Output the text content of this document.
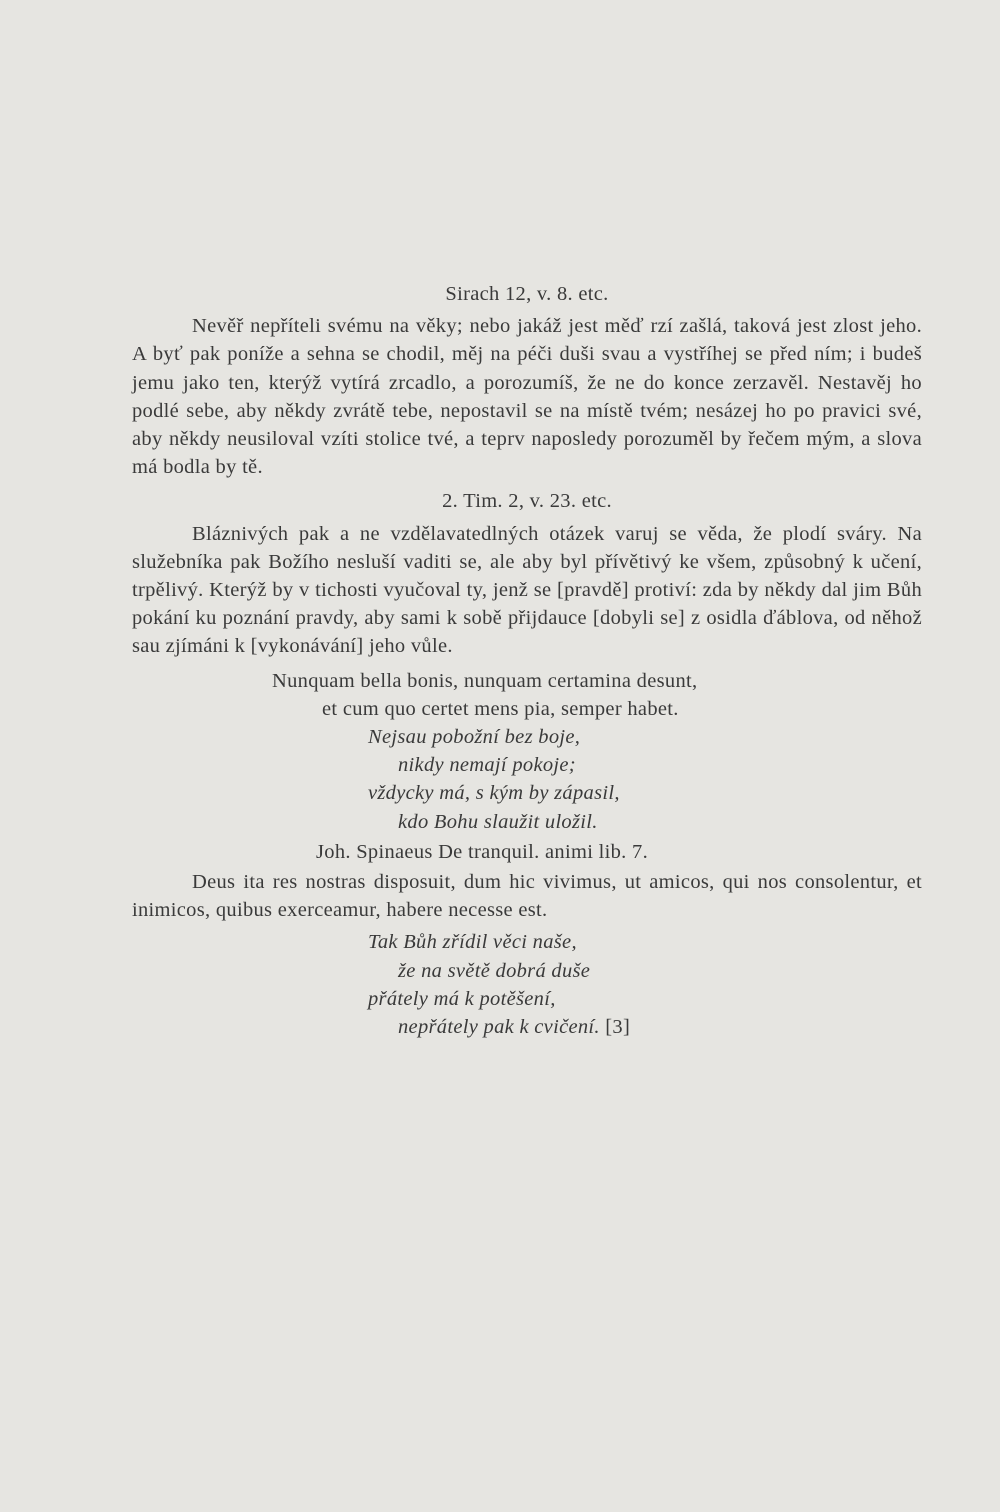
Sirach 12, v. 8. etc.

Nevěř nepříteli svému na věky; nebo jakáž jest měď rzí zašlá, taková jest zlost jeho. A byť pak poníže a sehna se chodil, měj na péči duši svau a vystříhej se před ním; i budeš jemu jako ten, kterýž vytírá zrcadlo, a porozumíš, že ne do konce zerzavěl. Nestavěj ho podlé sebe, aby někdy zvrátě tebe, nepostavil se na místě tvém; nesázej ho po pravici své, aby někdy neusiloval vzíti stolice tvé, a teprv naposledy porozuměl by řečem mým, a slova má bodla by tě.

2. Tim. 2, v. 23. etc.

Bláznivých pak a ne vzdělavatedlných otázek varuj se věda, že plodí sváry. Na služebníka pak Božího nesluší vaditi se, ale aby byl přívětivý ke všem, způsobný k učení, trpělivý. Kterýž by v tichosti vyučoval ty, jenž se [pravdě] protiví: zda by někdy dal jim Bůh pokání ku poznání pravdy, aby sami k sobě přijdauce [dobyli se] z osidla ďáblova, od něhož sau zjímáni k [vykonávání] jeho vůle.

Nunquam bella bonis, nunquam certamina desunt,
et cum quo certet mens pia, semper habet.
Nejsau pobožní bez boje,
nikdy nemají pokoje;
vždycky má, s kým by zápasil,
kdo Bohu slaužit uložil.

Joh. Spinaeus De tranquil. animi lib. 7.

Deus ita res nostras disposuit, dum hic vivimus, ut amicos, qui nos consolentur, et inimicos, quibus exerceamur, habere necesse est.

Tak Bůh zřídil věci naše,
že na světě dobrá duše
přátely má k potěšení,
nepřátely pak k cvičení. [3]
